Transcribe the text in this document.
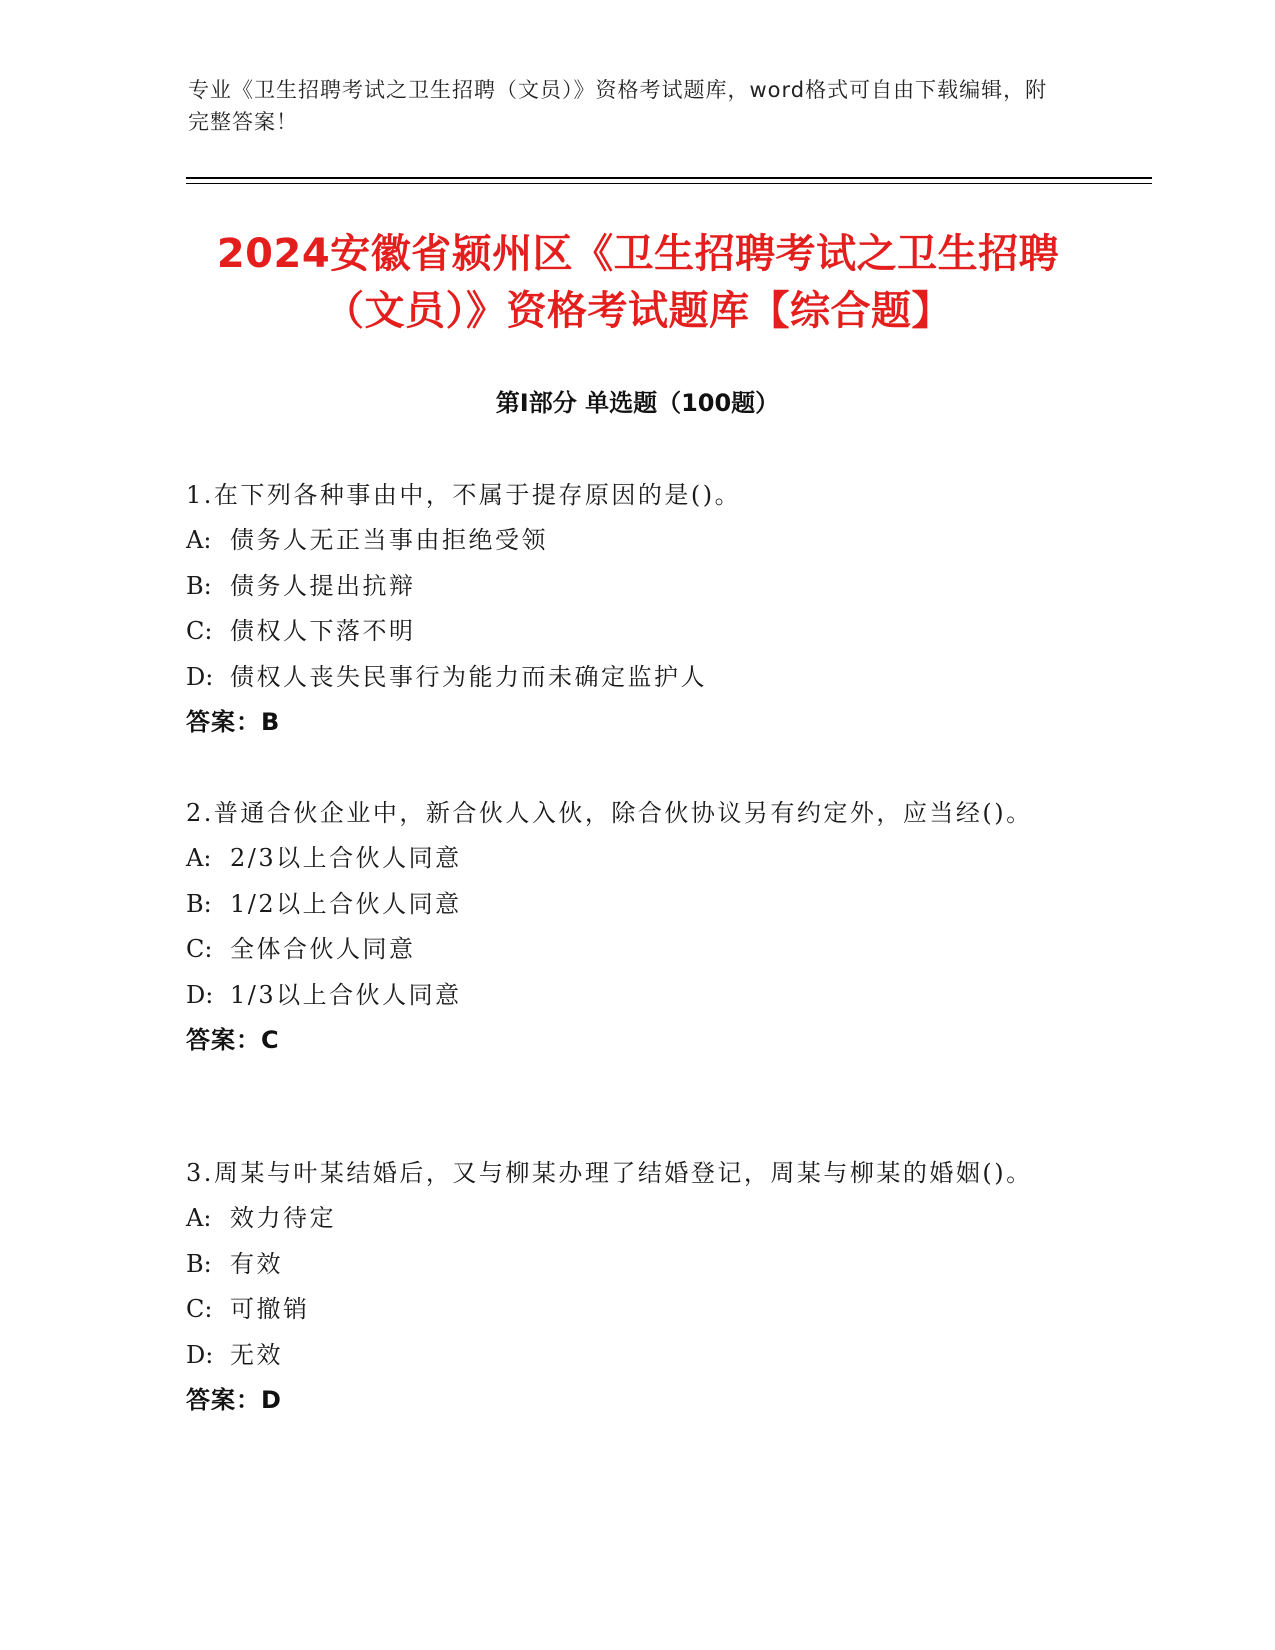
专业《卫生招聘考试之卫生招聘（文员）》资格考试题库，word格式可自由下载编辑，附完整答案！
2024安徽省颍州区《卫生招聘考试之卫生招聘（文员）》资格考试题库【综合题】
第Ⅰ部分 单选题（100题）
1.在下列各种事由中，不属于提存原因的是()。
A: 债务人无正当事由拒绝受领
B: 债务人提出抗辩
C: 债权人下落不明
D: 债权人丧失民事行为能力而未确定监护人
答案：B
2.普通合伙企业中，新合伙人入伙，除合伙协议另有约定外，应当经()。
A: 2/3以上合伙人同意
B: 1/2以上合伙人同意
C: 全体合伙人同意
D: 1/3以上合伙人同意
答案：C
3.周某与叶某结婚后，又与柳某办理了结婚登记，周某与柳某的婚姻()。
A: 效力待定
B: 有效
C: 可撤销
D: 无效
答案：D
